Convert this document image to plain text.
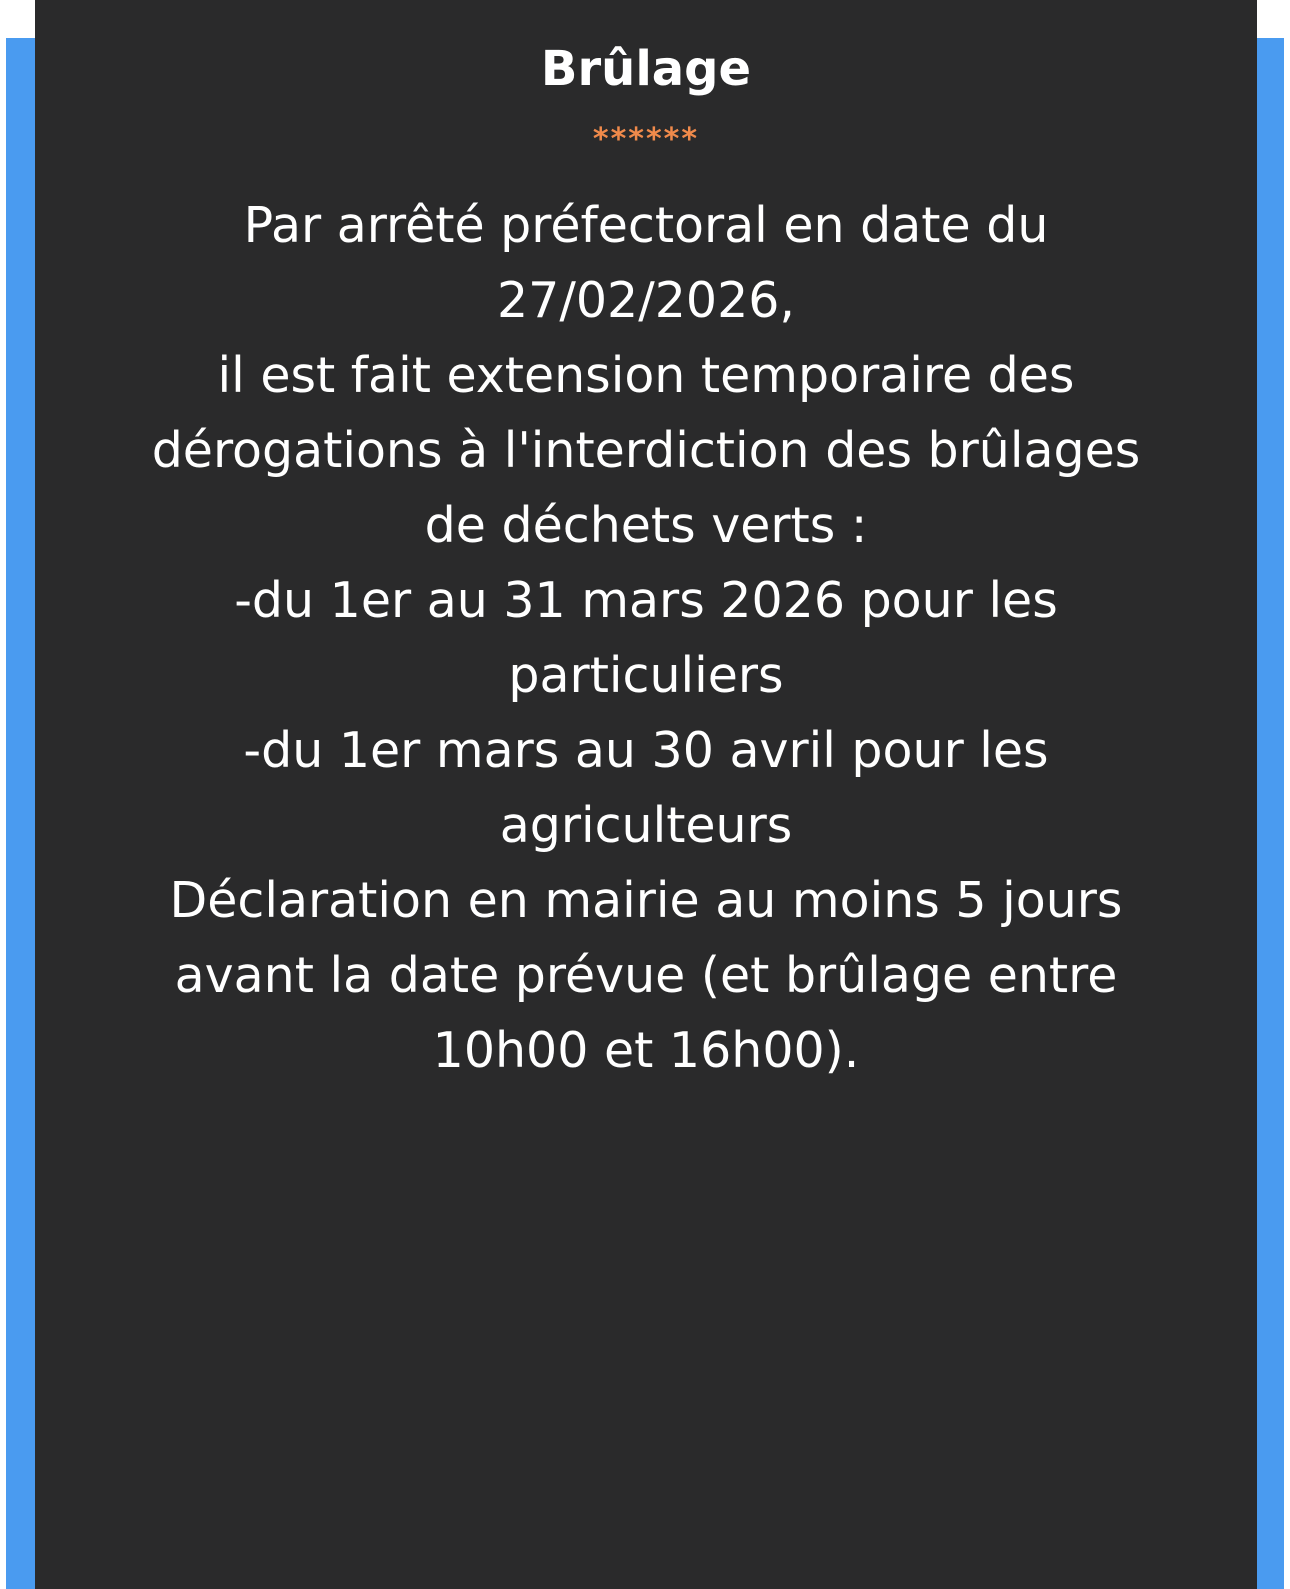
Brûlage
******
Par arrêté préfectoral en date du
27/02/2026,
il est fait extension temporaire des
dérogations à l'interdiction des brûlages
de déchets verts :
-du 1er au 31 mars 2026 pour les
particuliers
-du 1er mars au 30 avril pour les
agriculteurs
Déclaration en mairie au moins 5 jours
avant la date prévue (et brûlage entre
10h00 et 16h00).
